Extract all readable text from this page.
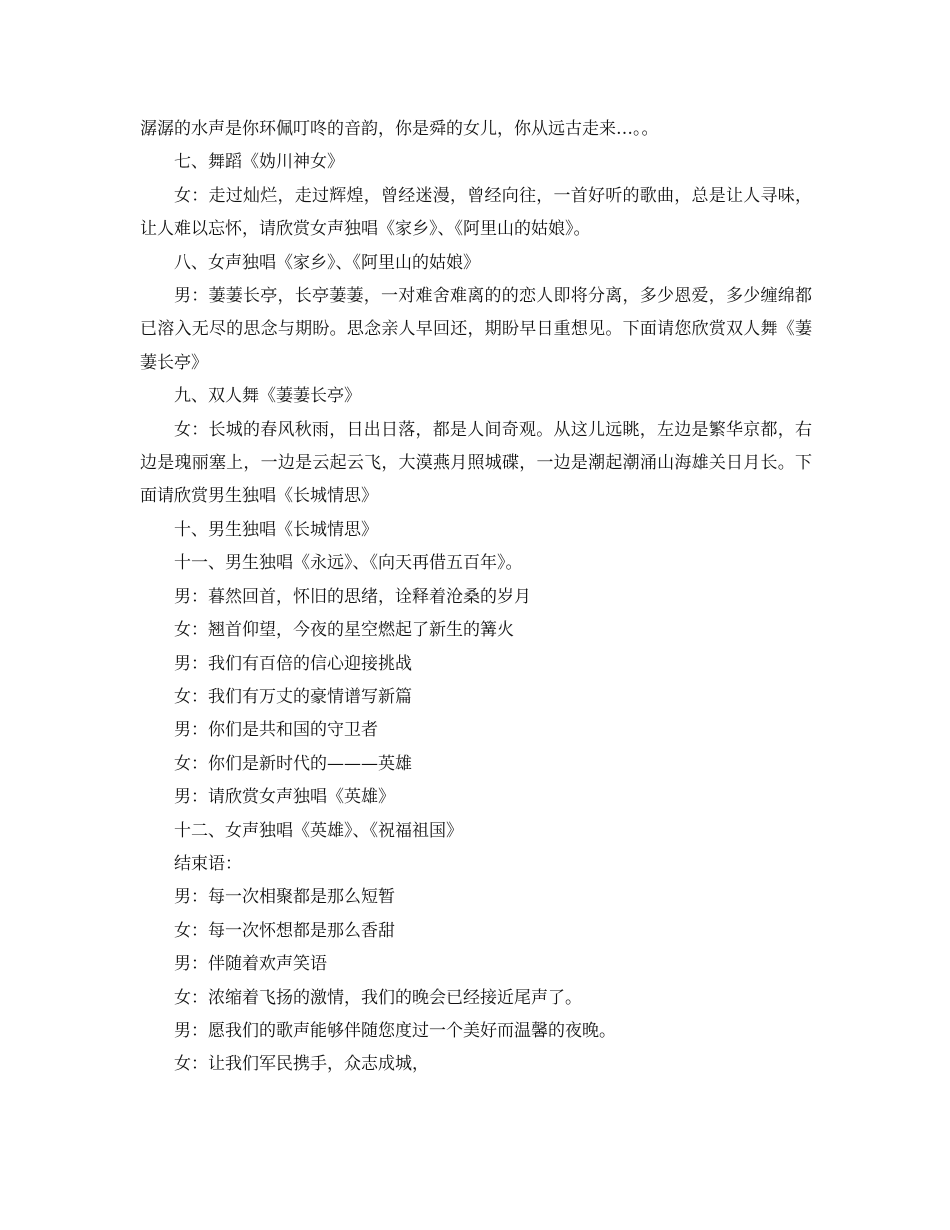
潺潺的水声是你环佩叮咚的音韵，你是舜的女儿，你从远古走来…。。

七、舞蹈《妫川神女》

女：走过灿烂，走过辉煌，曾经迷漫，曾经向往，一首好听的歌曲，总是让人寻味，让人难以忘怀，请欣赏女声独唱《家乡》、《阿里山的姑娘》。

八、女声独唱《家乡》、《阿里山的姑娘》

男：萋萋长亭，长亭萋萋，一对难舍难离的的恋人即将分离，多少恩爱，多少缠绵都已溶入无尽的思念与期盼。思念亲人早回还，期盼早日重想见。下面请您欣赏双人舞《萋萋长亭》

九、双人舞《萋萋长亭》

女：长城的春风秋雨，日出日落，都是人间奇观。从这儿远眺，左边是繁华京都，右边是瑰丽塞上，一边是云起云飞，大漠燕月照城碟，一边是潮起潮涌山海雄关日月长。下面请欣赏男生独唱《长城情思》

十、男生独唱《长城情思》

十一、男生独唱《永远》、《向天再借五百年》。

男：暮然回首，怀旧的思绪，诠释着沧桑的岁月

女：翘首仰望，今夜的星空燃起了新生的篝火

男：我们有百倍的信心迎接挑战

女：我们有万丈的豪情谱写新篇

男：你们是共和国的守卫者

女：你们是新时代的———英雄

男：请欣赏女声独唱《英雄》

十二、女声独唱《英雄》、《祝福祖国》

结束语：

男：每一次相聚都是那么短暂

女：每一次怀想都是那么香甜

男：伴随着欢声笑语

女：浓缩着飞扬的激情，我们的晚会已经接近尾声了。

男：愿我们的歌声能够伴随您度过一个美好而温馨的夜晚。

女：让我们军民携手，众志成城，
